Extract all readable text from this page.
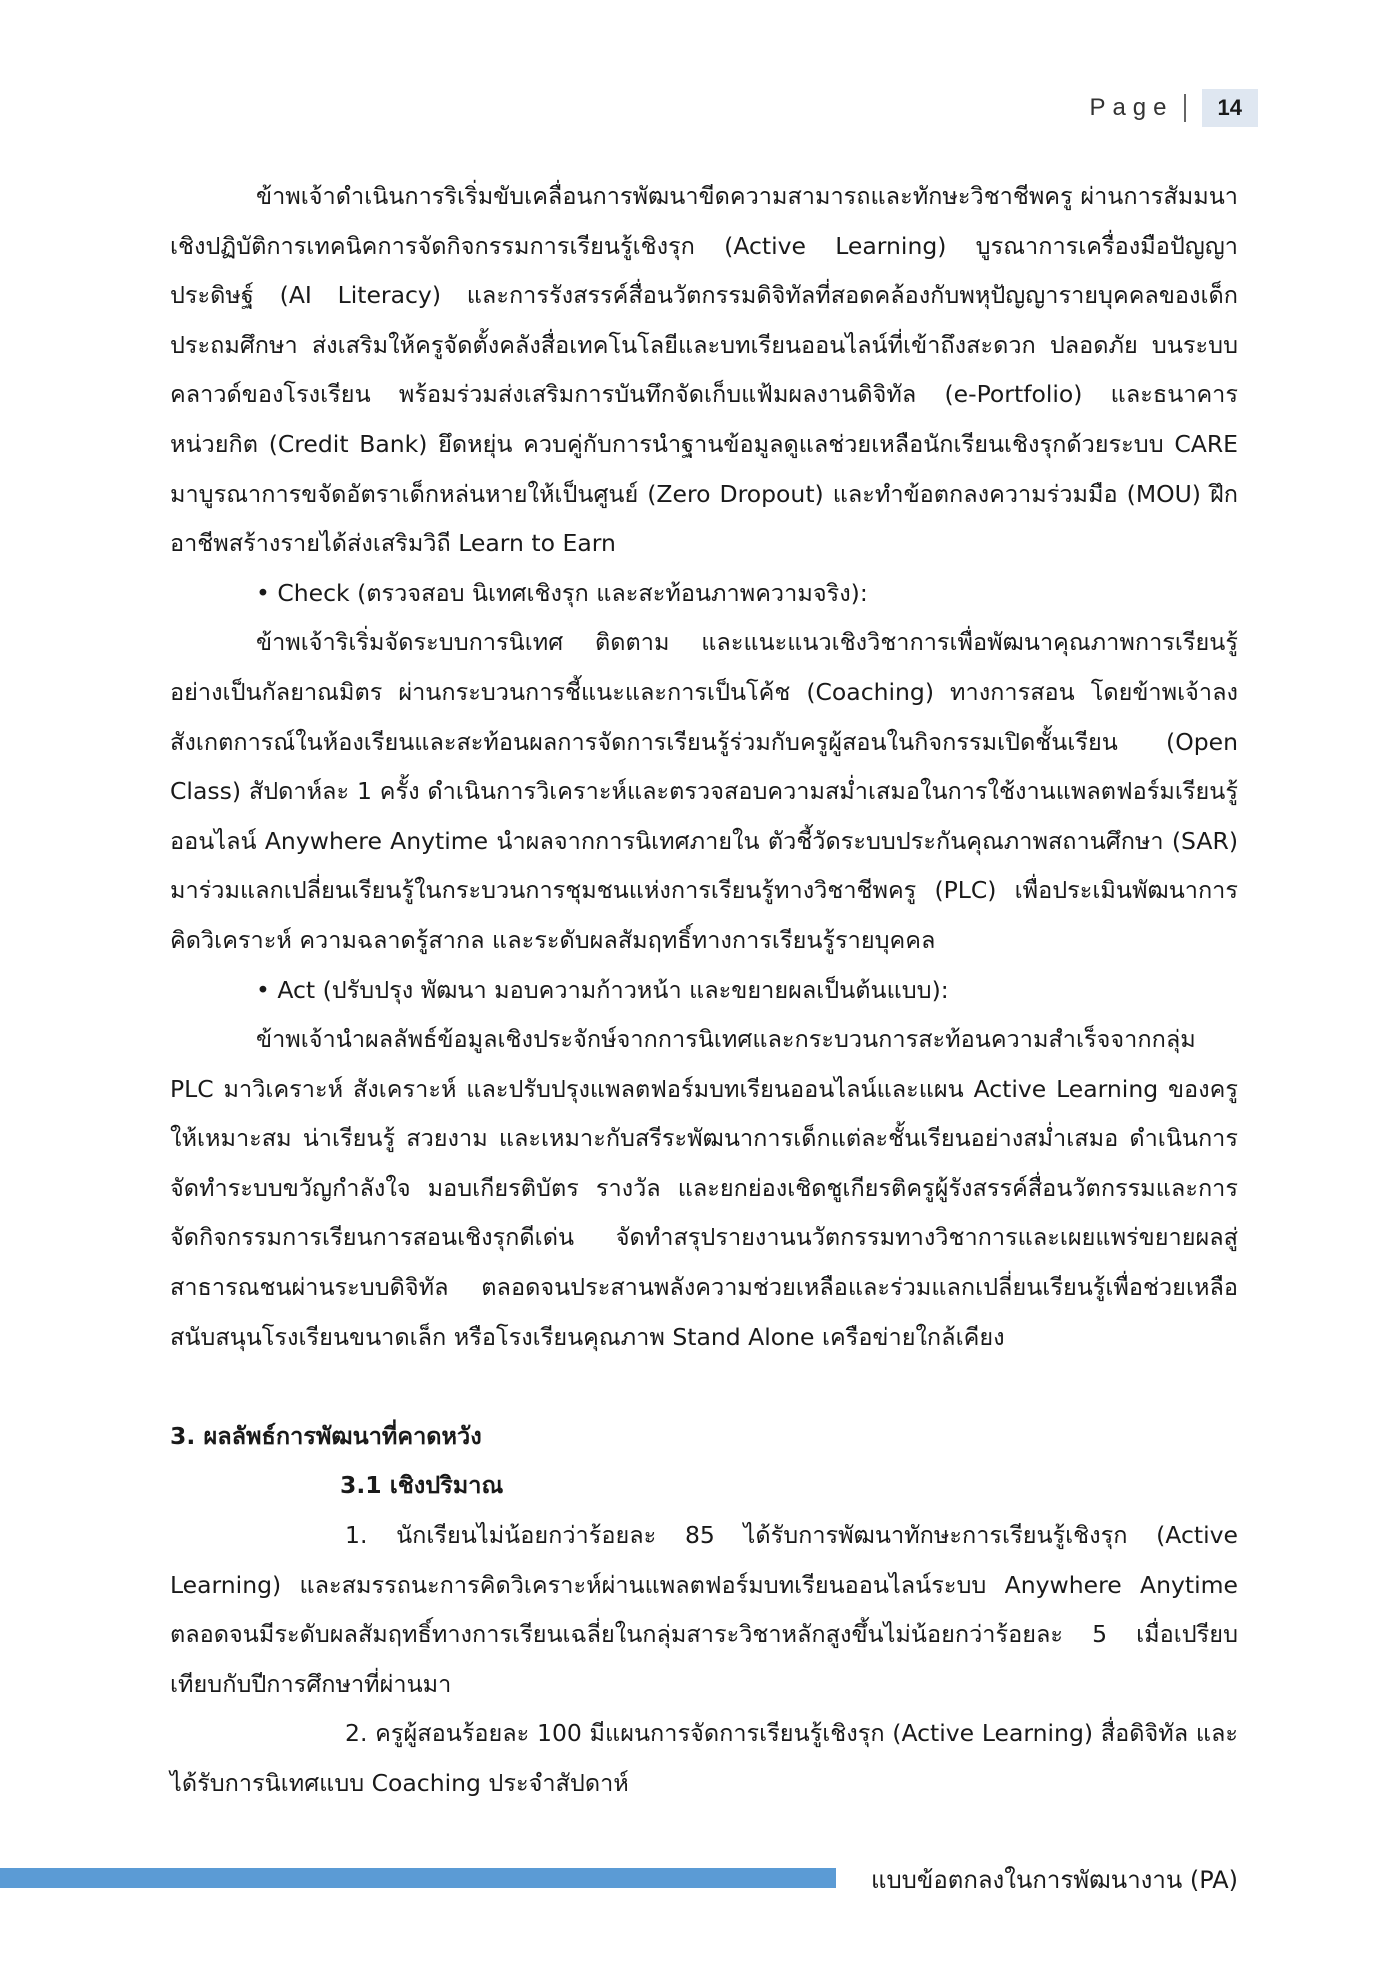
Page	14

ข้าพเจ้าดำเนินการริเริ่มขับเคลื่อนการพัฒนาขีดความสามารถและทักษะวิชาชีพครู ผ่านการสัมมนาเชิงปฏิบัติการเทคนิคการจัดกิจกรรมการเรียนรู้เชิงรุก (Active Learning) บูรณาการเครื่องมือปัญญาประดิษฐ์ (AI Literacy) และการรังสรรค์สื่อนวัตกรรมดิจิทัลที่สอดคล้องกับพหุปัญญารายบุคคลของเด็กประถมศึกษา ส่งเสริมให้ครูจัดตั้งคลังสื่อเทคโนโลยีและบทเรียนออนไลน์ที่เข้าถึงสะดวก ปลอดภัย บนระบบคลาวด์ของโรงเรียน พร้อมร่วมส่งเสริมการบันทึกจัดเก็บแฟ้มผลงานดิจิทัล (e-Portfolio) และธนาคารหน่วยกิต (Credit Bank) ยึดหยุ่น ควบคู่กับการนำฐานข้อมูลดูแลช่วยเหลือนักเรียนเชิงรุกด้วยระบบ CARE มาบูรณาการขจัดอัตราเด็กหล่นหายให้เป็นศูนย์ (Zero Dropout) และทำข้อตกลงความร่วมมือ (MOU) ฝึกอาชีพสร้างรายได้ส่งเสริมวิถี Learn to Earn

• Check (ตรวจสอบ นิเทศเชิงรุก และสะท้อนภาพความจริง):

ข้าพเจ้าริเริ่มจัดระบบการนิเทศ ติดตาม และแนะแนวเชิงวิชาการเพื่อพัฒนาคุณภาพการเรียนรู้อย่างเป็นกัลยาณมิตร ผ่านกระบวนการชี้แนะและการเป็นโค้ช (Coaching) ทางการสอน โดยข้าพเจ้าลงสังเกตการณ์ในห้องเรียนและสะท้อนผลการจัดการเรียนรู้ร่วมกับครูผู้สอนในกิจกรรมเปิดชั้นเรียน (Open Class) สัปดาห์ละ 1 ครั้ง ดำเนินการวิเคราะห์และตรวจสอบความสม่ำเสมอในการใช้งานแพลตฟอร์มเรียนรู้ออนไลน์ Anywhere Anytime นำผลจากการนิเทศภายใน ตัวชี้วัดระบบประกันคุณภาพสถานศึกษา (SAR) มาร่วมแลกเปลี่ยนเรียนรู้ในกระบวนการชุมชนแห่งการเรียนรู้ทางวิชาชีพครู (PLC) เพื่อประเมินพัฒนาการคิดวิเคราะห์ ความฉลาดรู้สากล และระดับผลสัมฤทธิ์ทางการเรียนรู้รายบุคคล

• Act (ปรับปรุง พัฒนา มอบความก้าวหน้า และขยายผลเป็นต้นแบบ):

ข้าพเจ้านำผลลัพธ์ข้อมูลเชิงประจักษ์จากการนิเทศและกระบวนการสะท้อนความสำเร็จจากกลุ่ม PLC มาวิเคราะห์ สังเคราะห์ และปรับปรุงแพลตฟอร์มบทเรียนออนไลน์และแผน Active Learning ของครูให้เหมาะสม น่าเรียนรู้ สวยงาม และเหมาะกับสรีระพัฒนาการเด็กแต่ละชั้นเรียนอย่างสม่ำเสมอ ดำเนินการจัดทำระบบขวัญกำลังใจ มอบเกียรติบัตร รางวัล และยกย่องเชิดชูเกียรติครูผู้รังสรรค์สื่อนวัตกรรมและการจัดกิจกรรมการเรียนการสอนเชิงรุกดีเด่น จัดทำสรุปรายงานนวัตกรรมทางวิชาการและเผยแพร่ขยายผลสู่สาธารณชนผ่านระบบดิจิทัล ตลอดจนประสานพลังความช่วยเหลือและร่วมแลกเปลี่ยนเรียนรู้เพื่อช่วยเหลือสนับสนุนโรงเรียนขนาดเล็ก หรือโรงเรียนคุณภาพ Stand Alone เครือข่ายใกล้เคียง

3. ผลลัพธ์การพัฒนาที่คาดหวัง

3.1 เชิงปริมาณ

1. นักเรียนไม่น้อยกว่าร้อยละ 85 ได้รับการพัฒนาทักษะการเรียนรู้เชิงรุก (Active Learning) และสมรรถนะการคิดวิเคราะห์ผ่านแพลตฟอร์มบทเรียนออนไลน์ระบบ Anywhere Anytime ตลอดจนมีระดับผลสัมฤทธิ์ทางการเรียนเฉลี่ยในกลุ่มสาระวิชาหลักสูงขึ้นไม่น้อยกว่าร้อยละ 5 เมื่อเปรียบเทียบกับปีการศึกษาที่ผ่านมา

2. ครูผู้สอนร้อยละ 100 มีแผนการจัดการเรียนรู้เชิงรุก (Active Learning) สื่อดิจิทัล และได้รับการนิเทศแบบ Coaching ประจำสัปดาห์

แบบข้อตกลงในการพัฒนางาน (PA)
